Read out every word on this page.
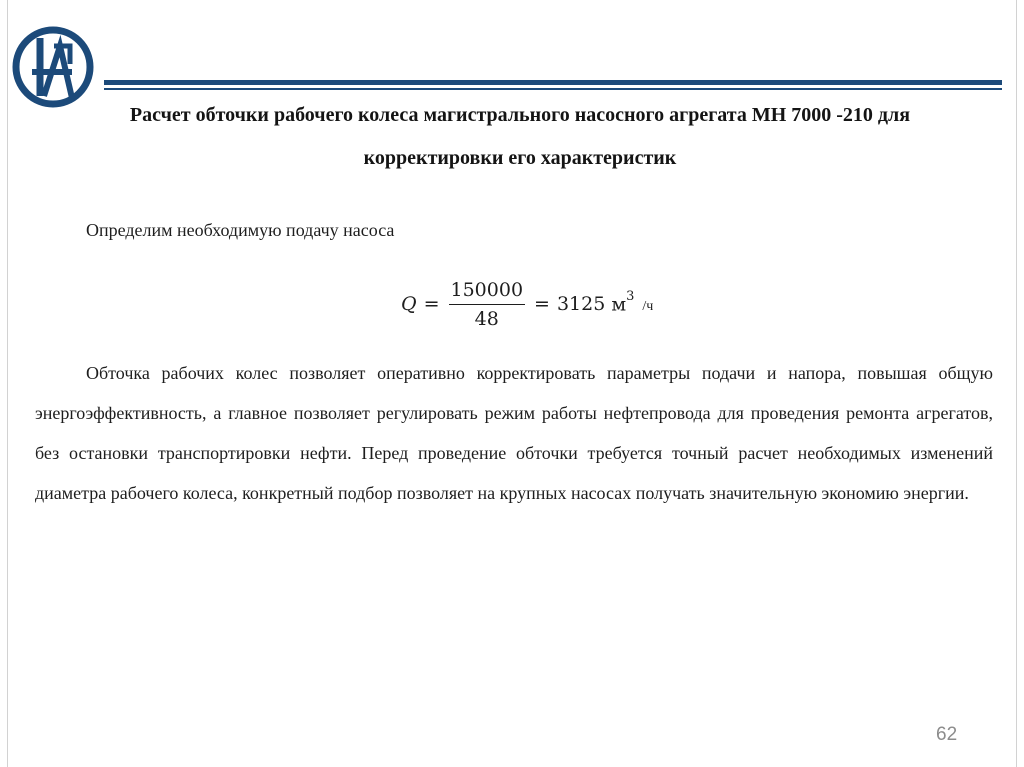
Расчет обточки рабочего колеса магистрального насосного агрегата МН 7000 -210 для корректировки его характеристик
Определим необходимую подачу насоса
$Q = \frac{150000}{48} = 3125$ $м^3$
/ч
Обточка рабочих колес позволяет оперативно корректировать параметры подачи и напора, повышая общую энергоэффективность, а главное позволяет регулировать режим работы нефтепровода для проведения ремонта агрегатов, без остановки транспортировки нефти. Перед проведение обточки требуется точный расчет необходимых изменений диаметра рабочего колеса, конкретный подбор позволяет на крупных насосах получать значительную экономию энергии.
62
